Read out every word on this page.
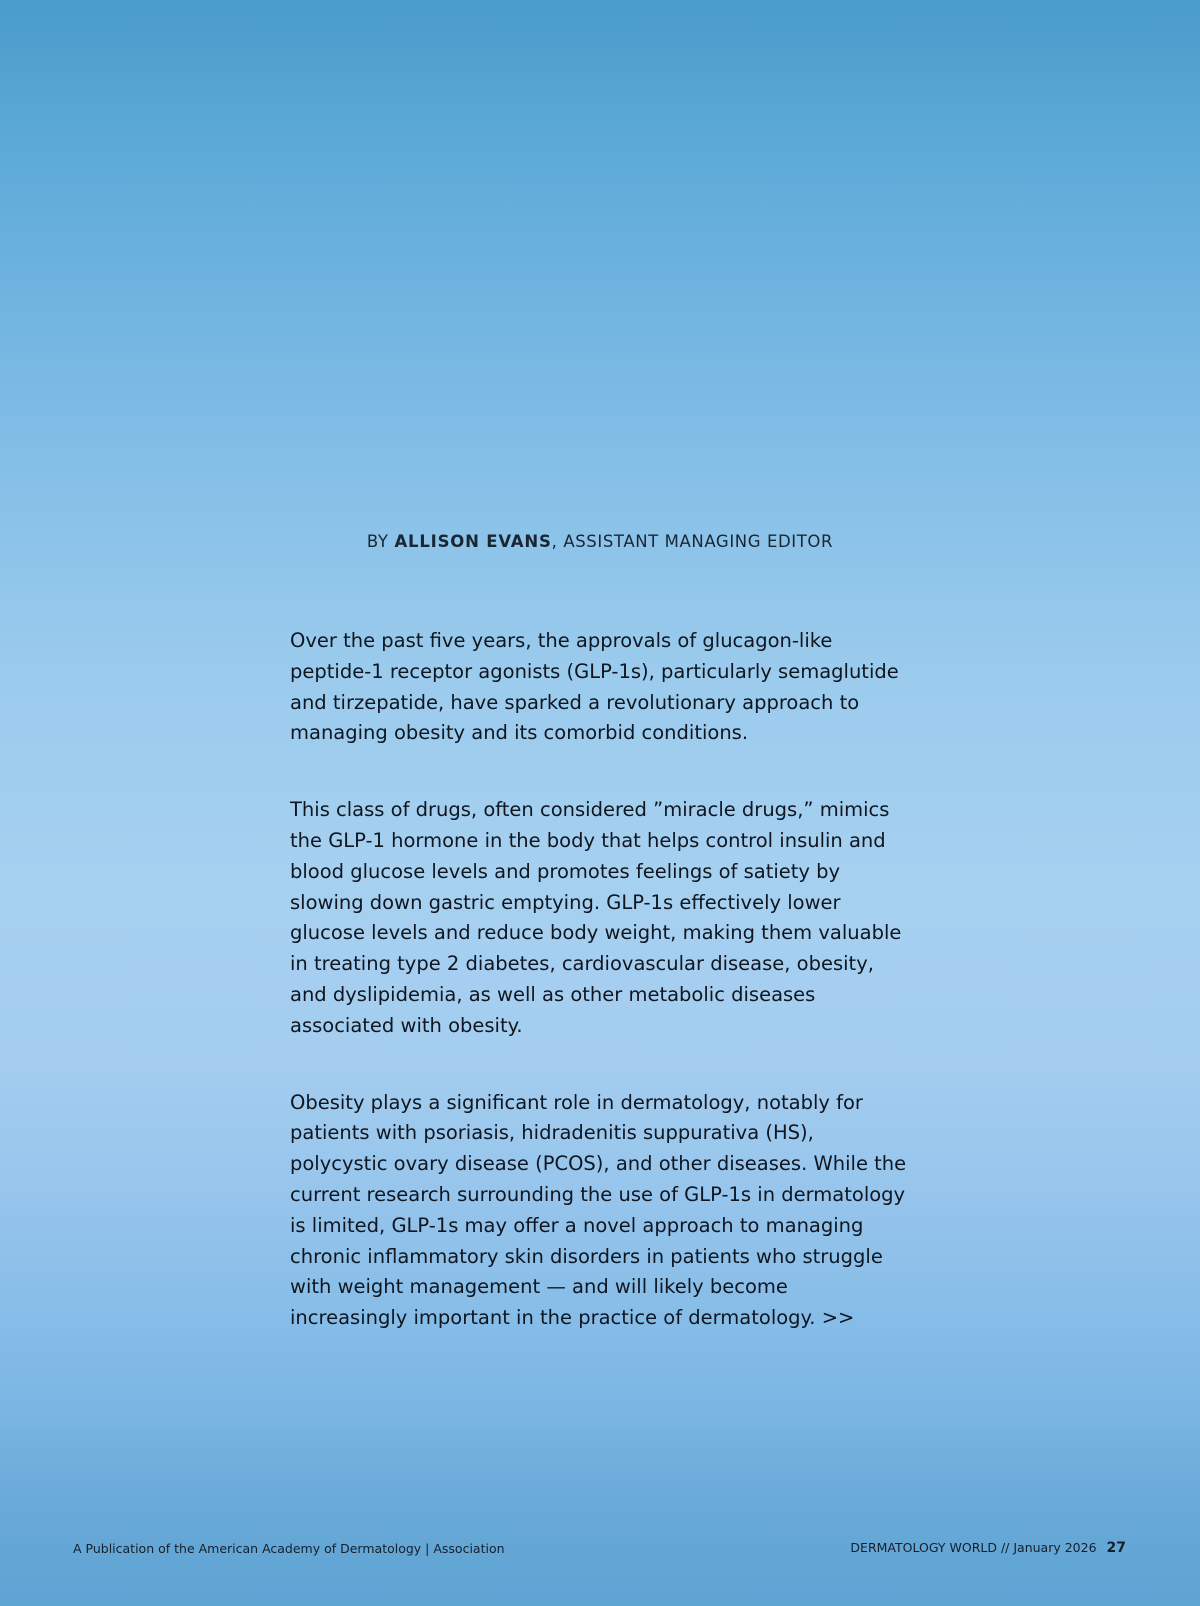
BY ALLISON EVANS, ASSISTANT MANAGING EDITOR

Over the past five years, the approvals of glucagon-like peptide-1 receptor agonists (GLP-1s), particularly semaglutide and tirzepatide, have sparked a revolutionary approach to managing obesity and its comorbid conditions.

This class of drugs, often considered ”miracle drugs,” mimics the GLP-1 hormone in the body that helps control insulin and blood glucose levels and promotes feelings of satiety by slowing down gastric emptying. GLP-1s effectively lower glucose levels and reduce body weight, making them valuable in treating type 2 diabetes, cardiovascular disease, obesity, and dyslipidemia, as well as other metabolic diseases associated with obesity.

Obesity plays a significant role in dermatology, notably for patients with psoriasis, hidradenitis suppurativa (HS), polycystic ovary disease (PCOS), and other diseases. While the current research surrounding the use of GLP-1s in dermatology is limited, GLP-1s may offer a novel approach to managing chronic inflammatory skin disorders in patients who struggle with weight management — and will likely become increasingly important in the practice of dermatology. >>

A Publication of the American Academy of Dermatology | Association	DERMATOLOGY WORLD // January 2026 27
